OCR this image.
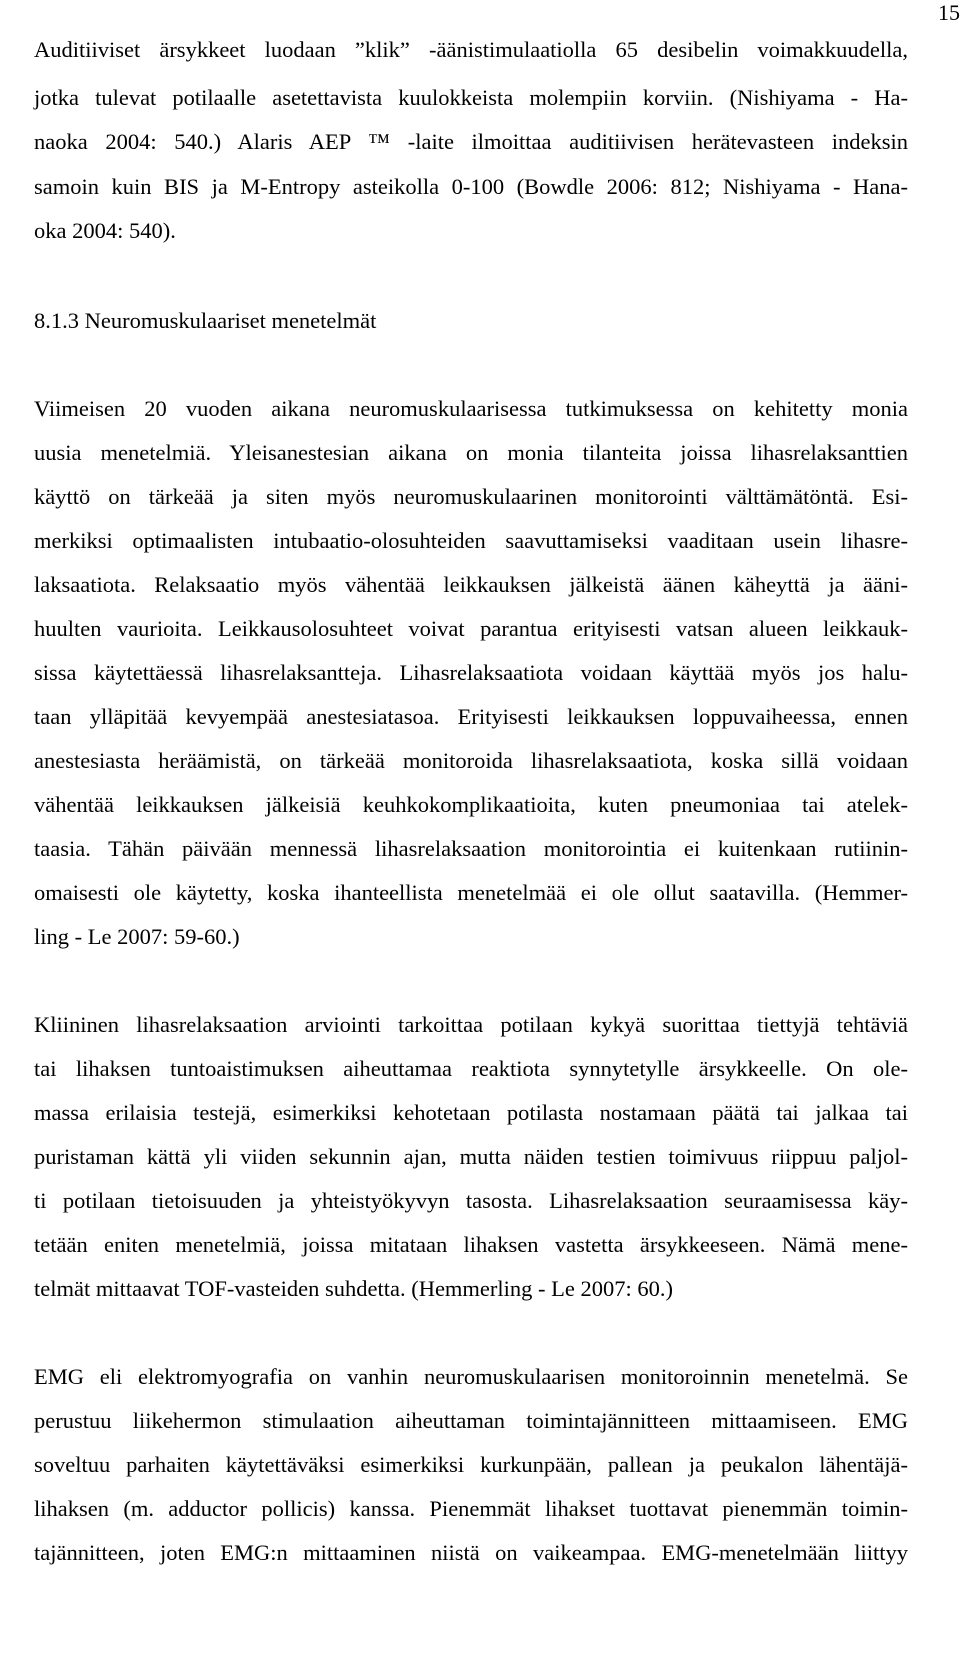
15
Auditiiviset ärsykkeet luodaan ”klik” -äänistimulaatiolla 65 desibelin voimakkuudella,
jotka tulevat potilaalle asetettavista kuulokkeista molempiin korviin. (Nishiyama - Ha-
naoka 2004: 540.) Alaris AEP ™ -laite ilmoittaa auditiivisen herätevasteen indeksin
samoin kuin BIS ja M-Entropy asteikolla 0-100 (Bowdle 2006: 812; Nishiyama - Hana-
oka 2004: 540).
8.1.3 Neuromuskulaariset menetelmät
Viimeisen 20 vuoden aikana neuromuskulaarisessa tutkimuksessa on kehitetty monia
uusia menetelmiä. Yleisanestesian aikana on monia tilanteita joissa lihasrelaksanttien
käyttö on tärkeää ja siten myös neuromuskulaarinen monitorointi välttämätöntä. Esi-
merkiksi optimaalisten intubaatio-olosuhteiden saavuttamiseksi vaaditaan usein lihasre-
laksaatiota. Relaksaatio myös vähentää leikkauksen jälkeistä äänen käheyttä ja ääni-
huulten vaurioita. Leikkausolosuhteet voivat parantua erityisesti vatsan alueen leikkauk-
sissa käytettäessä lihasrelaksantteja. Lihasrelaksaatiota voidaan käyttää myös jos halu-
taan ylläpitää kevyempää anestesiatasoa. Erityisesti leikkauksen loppuvaiheessa, ennen
anestesiasta heräämistä, on tärkeää monitoroida lihasrelaksaatiota, koska sillä voidaan
vähentää leikkauksen jälkeisiä keuhkokomplikaatioita, kuten pneumoniaa tai atelek-
taasia. Tähän päivään mennessä lihasrelaksaation monitorointia ei kuitenkaan rutiinin-
omaisesti ole käytetty, koska ihanteellista menetelmää ei ole ollut saatavilla. (Hemmer-
ling - Le 2007: 59-60.)
Kliininen lihasrelaksaation arviointi tarkoittaa potilaan kykyä suorittaa tiettyjä tehtäviä
tai lihaksen tuntoaistimuksen aiheuttamaa reaktiota synnytetylle ärsykkeelle. On ole-
massa erilaisia testejä, esimerkiksi kehotetaan potilasta nostamaan päätä tai jalkaa tai
puristaman kättä yli viiden sekunnin ajan, mutta näiden testien toimivuus riippuu paljol-
ti potilaan tietoisuuden ja yhteistyökyvyn tasosta. Lihasrelaksaation seuraamisessa käy-
tetään eniten menetelmiä, joissa mitataan lihaksen vastetta ärsykkeeseen. Nämä mene-
telmät mittaavat TOF-vasteiden suhdetta. (Hemmerling - Le 2007: 60.)
EMG eli elektromyografia on vanhin neuromuskulaarisen monitoroinnin menetelmä. Se
perustuu liikehermon stimulaation aiheuttaman toimintajännitteen mittaamiseen. EMG
soveltuu parhaiten käytettäväksi esimerkiksi kurkunpään, pallean ja peukalon lähentäjä-
lihaksen (m. adductor pollicis) kanssa. Pienemmät lihakset tuottavat pienemmän toimin-
tajännitteen, joten EMG:n mittaaminen niistä on vaikeampaa. EMG-menetelmään liittyy
